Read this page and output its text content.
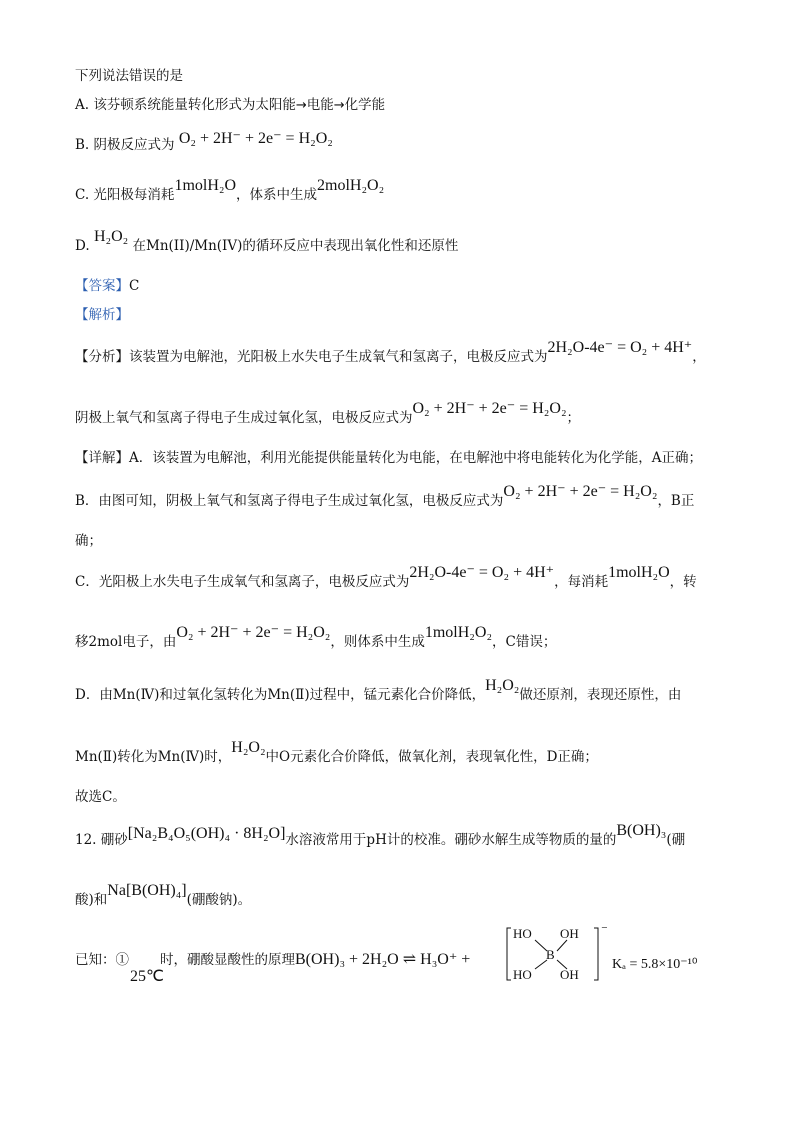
下列说法错误的是
A. 该芬顿系统能量转化形式为太阳能→电能→化学能
B. 阴极反应式为 O₂ + 2H⁻ + 2e⁻ = H₂O₂
C. 光阳极每消耗1molH₂O，体系中生成2molH₂O₂
D. H₂O₂ 在Mn(II)/Mn(IV)的循环反应中表现出氧化性和还原性
【答案】C
【解析】
【分析】该装置为电解池，光阳极上水失电子生成氧气和氢离子，电极反应式为2H₂O-4e⁻ = O₂ + 4H⁺，
阴极上氧气和氢离子得电子生成过氧化氢，电极反应式为O₂ + 2H⁻ + 2e⁻ = H₂O₂；
【详解】A．该装置为电解池，利用光能提供能量转化为电能，在电解池中将电能转化为化学能，A正确；
B．由图可知，阴极上氧气和氢离子得电子生成过氧化氢，电极反应式为O₂ + 2H⁻ + 2e⁻ = H₂O₂，B正
确；
C．光阳极上水失电子生成氧气和氢离子，电极反应式为2H₂O-4e⁻ = O₂ + 4H⁺，每消耗1molH₂O，转
移2mol电子，由O₂ + 2H⁻ + 2e⁻ = H₂O₂，则体系中生成1molH₂O₂，C错误；
D．由Mn(Ⅳ)和过氧化氢转化为Mn(Ⅱ)过程中，锰元素化合价降低，H₂O₂做还原剂，表现还原性，由
Mn(Ⅱ)转化为Mn(Ⅳ)时，H₂O₂中O元素化合价降低，做氧化剂，表现氧化性，D正确；
故选C。
12. 硼砂[Na₂B₄O₅(OH)₄ · 8H₂O]水溶液常用于pH计的校准。硼砂水解生成等物质的量的B(OH)₃(硼
酸)和Na[B(OH)₄](硼酸钠)。
已知：①
25℃
时，硼酸显酸性的原理B(OH)₃ + 2H₂O ⇌ H₃O⁺ +
HO OH
B
HO OH
⁻
Kₐ = 5.8×10⁻¹⁰
